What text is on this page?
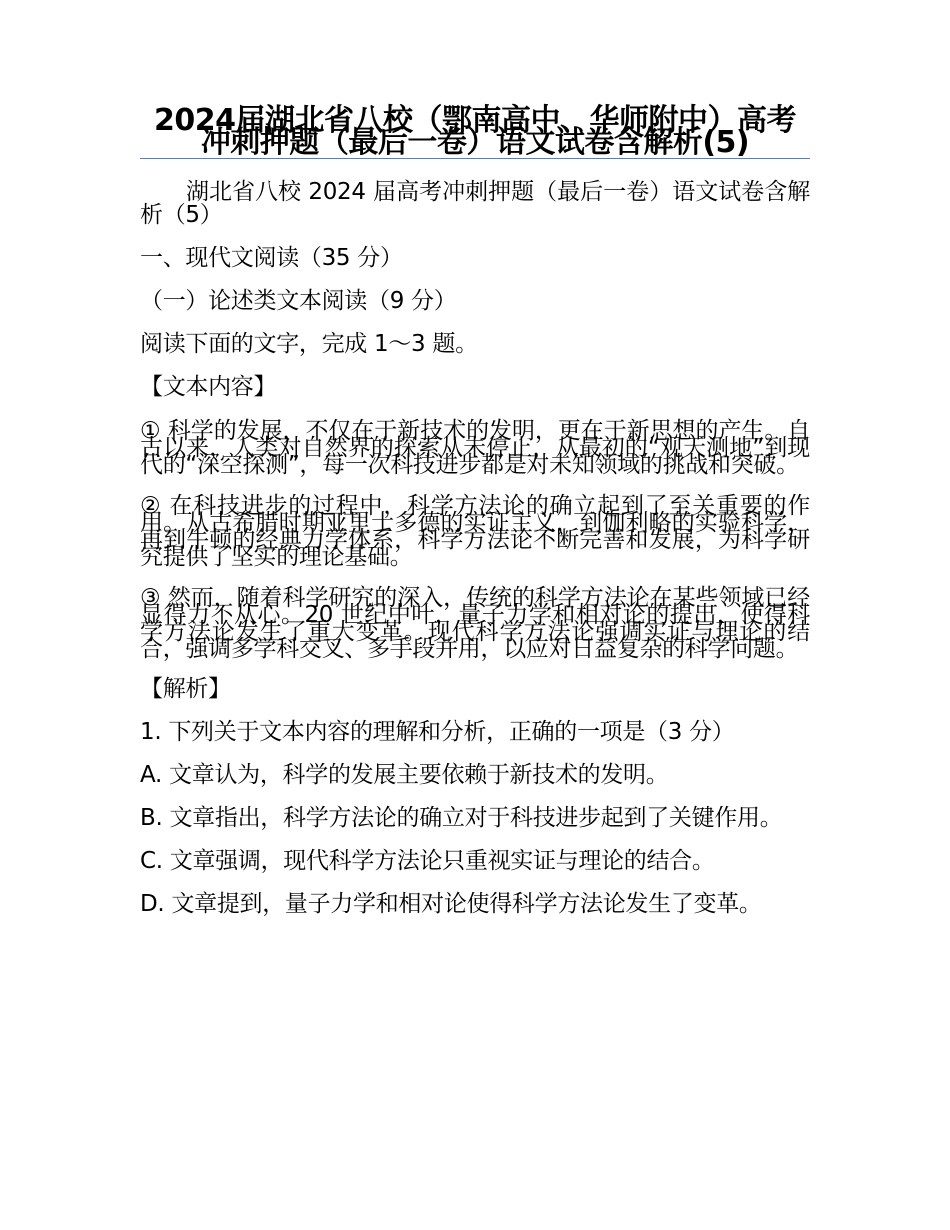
2024届湖北省八校（鄂南高中、华师附中）高考冲刺押题（最后一卷）语文试卷含解析(5)

湖北省八校 2024 届高考冲刺押题（最后一卷）语文试卷含解析（5）

一、现代文阅读（35 分）

（一）论述类文本阅读（9 分）

阅读下面的文字，完成 1～3 题。

【文本内容】

① 科学的发展，不仅在于新技术的发明，更在于新思想的产生。自古以来，人类对自然界的探索从未停止，从最初的“观天测地”到现代的“深空探测”，每一次科技进步都是对未知领域的挑战和突破。

② 在科技进步的过程中，科学方法论的确立起到了至关重要的作用。从古希腊时期亚里士多德的实证主义，到伽利略的实验科学，再到牛顿的经典力学体系，科学方法论不断完善和发展，为科学研究提供了坚实的理论基础。

③ 然而，随着科学研究的深入，传统的科学方法论在某些领域已经显得力不从心。20 世纪中叶，量子力学和相对论的提出，使得科学方法论发生了重大变革。现代科学方法论强调实证与理论的结合，强调多学科交叉、多手段并用，以应对日益复杂的科学问题。

【解析】

1. 下列关于文本内容的理解和分析，正确的一项是（3 分）

A. 文章认为，科学的发展主要依赖于新技术的发明。

B. 文章指出，科学方法论的确立对于科技进步起到了关键作用。

C. 文章强调，现代科学方法论只重视实证与理论的结合。

D. 文章提到，量子力学和相对论使得科学方法论发生了变革。
